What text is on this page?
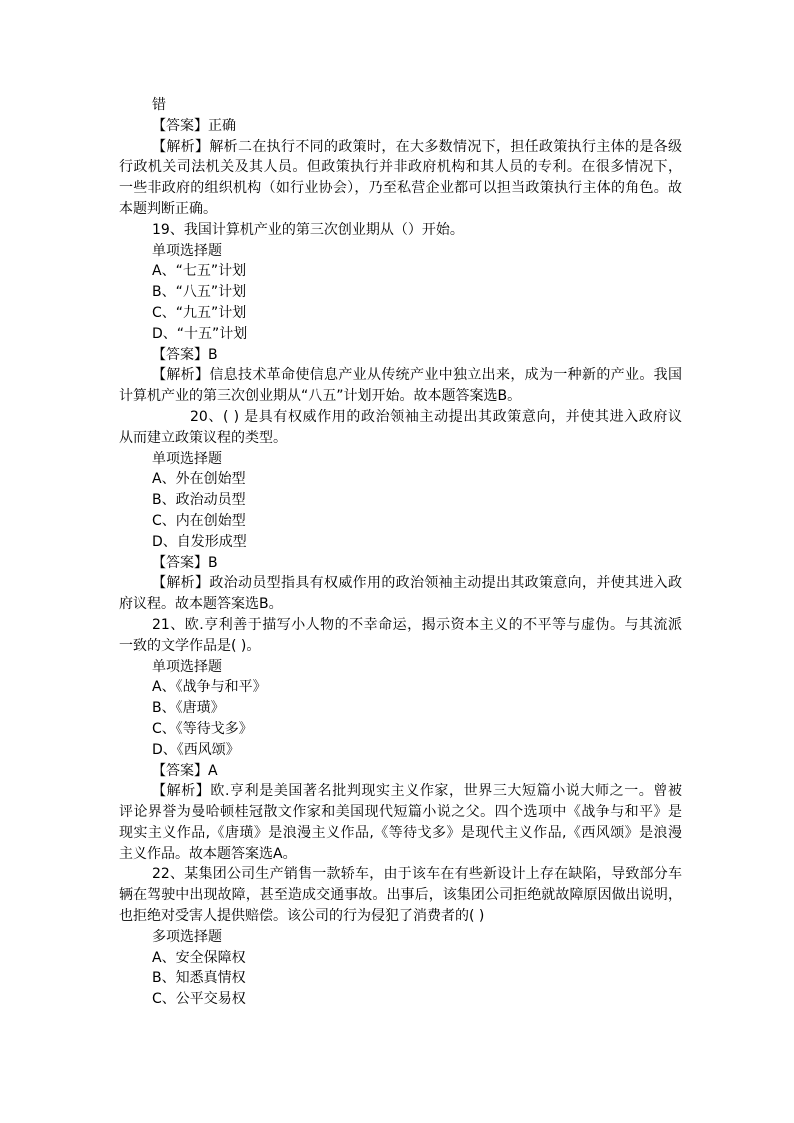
错
【答案】正确
【解析】解析二在执行不同的政策时，在大多数情况下，担任政策执行主体的是各级
行政机关司法机关及其人员。但政策执行并非政府机构和其人员的专利。在很多情况下，
一些非政府的组织机构（如行业协会），乃至私营企业都可以担当政策执行主体的角色。故
本题判断正确。
19、我国计算机产业的第三次创业期从（）开始。
单项选择题
A、“七五”计划
B、“八五”计划
C、“九五”计划
D、“十五”计划
【答案】B
【解析】信息技术革命使信息产业从传统产业中独立出来，成为一种新的产业。我国
计算机产业的第三次创业期从“八五”计划开始。故本题答案选B。
20、( ) 是具有权威作用的政治领袖主动提出其政策意向，并使其进入政府议
从而建立政策议程的类型。
单项选择题
A、外在创始型
B、政治动员型
C、内在创始型
D、自发形成型
【答案】B
【解析】政治动员型指具有权威作用的政治领袖主动提出其政策意向，并使其进入政
府议程。故本题答案选B。
21、欧.亨利善于描写小人物的不幸命运，揭示资本主义的不平等与虚伪。与其流派
一致的文学作品是( )。
单项选择题
A、《战争与和平》
B、《唐璜》
C、《等待戈多》
D、《西风颂》
【答案】A
【解析】欧.亨利是美国著名批判现实主义作家，世界三大短篇小说大师之一。曾被
评论界誉为曼哈顿桂冠散文作家和美国现代短篇小说之父。四个选项中《战争与和平》是
现实主义作品,《唐璜》是浪漫主义作品,《等待戈多》是现代主义作品,《西风颂》是浪漫
主义作品。故本题答案选A。
22、某集团公司生产销售一款轿车，由于该车在有些新设计上存在缺陷，导致部分车
辆在驾驶中出现故障，甚至造成交通事故。出事后，该集团公司拒绝就故障原因做出说明，
也拒绝对受害人提供赔偿。该公司的行为侵犯了消费者的( )
多项选择题
A、安全保障权
B、知悉真情权
C、公平交易权
